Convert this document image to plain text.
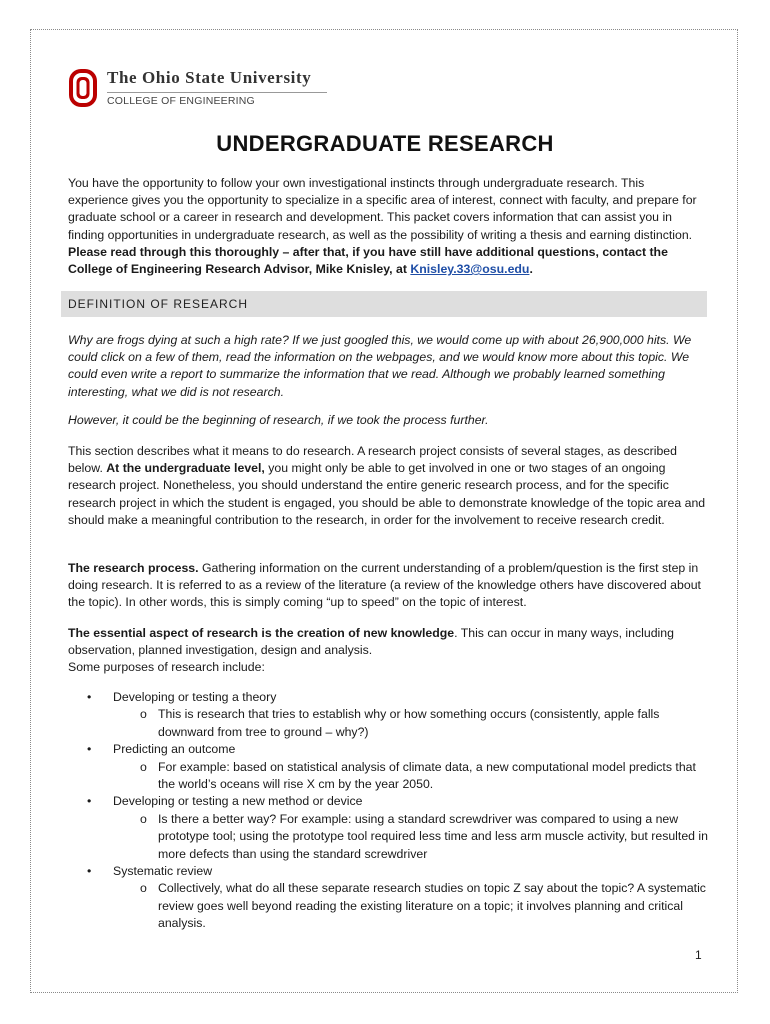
The Ohio State University
COLLEGE OF ENGINEERING
UNDERGRADUATE RESEARCH

You have the opportunity to follow your own investigational instincts through undergraduate research. This experience gives you the opportunity to specialize in a specific area of interest, connect with faculty, and prepare for graduate school or a career in research and development. This packet covers information that can assist you in finding opportunities in undergraduate research, as well as the possibility of writing a thesis and earning distinction. Please read through this thoroughly – after that, if you have still have additional questions, contact the College of Engineering Research Advisor, Mike Knisley, at Knisley.33@osu.edu.

DEFINITION OF RESEARCH

Why are frogs dying at such a high rate? If we just googled this, we would come up with about 26,900,000 hits. We could click on a few of them, read the information on the webpages, and we would know more about this topic. We could even write a report to summarize the information that we read. Although we probably learned something interesting, what we did is not research.

However, it could be the beginning of research, if we took the process further.

This section describes what it means to do research. A research project consists of several stages, as described below. At the undergraduate level, you might only be able to get involved in one or two stages of an ongoing research project. Nonetheless, you should understand the entire generic research process, and for the specific research project in which the student is engaged, you should be able to demonstrate knowledge of the topic area and should make a meaningful contribution to the research, in order for the involvement to receive research credit.

The research process. Gathering information on the current understanding of a problem/question is the first step in doing research. It is referred to as a review of the literature (a review of the knowledge others have discovered about the topic). In other words, this is simply coming “up to speed” on the topic of interest.

The essential aspect of research is the creation of new knowledge. This can occur in many ways, including observation, planned investigation, design and analysis.
Some purposes of research include:

• Developing or testing a theory
o This is research that tries to establish why or how something occurs (consistently, apple falls downward from tree to ground – why?)
• Predicting an outcome
o For example: based on statistical analysis of climate data, a new computational model predicts that the world’s oceans will rise X cm by the year 2050.
• Developing or testing a new method or device
o Is there a better way? For example: using a standard screwdriver was compared to using a new prototype tool; using the prototype tool required less time and less arm muscle activity, but resulted in more defects than using the standard screwdriver
• Systematic review
o Collectively, what do all these separate research studies on topic Z say about the topic? A systematic review goes well beyond reading the existing literature on a topic; it involves planning and critical analysis.
1
